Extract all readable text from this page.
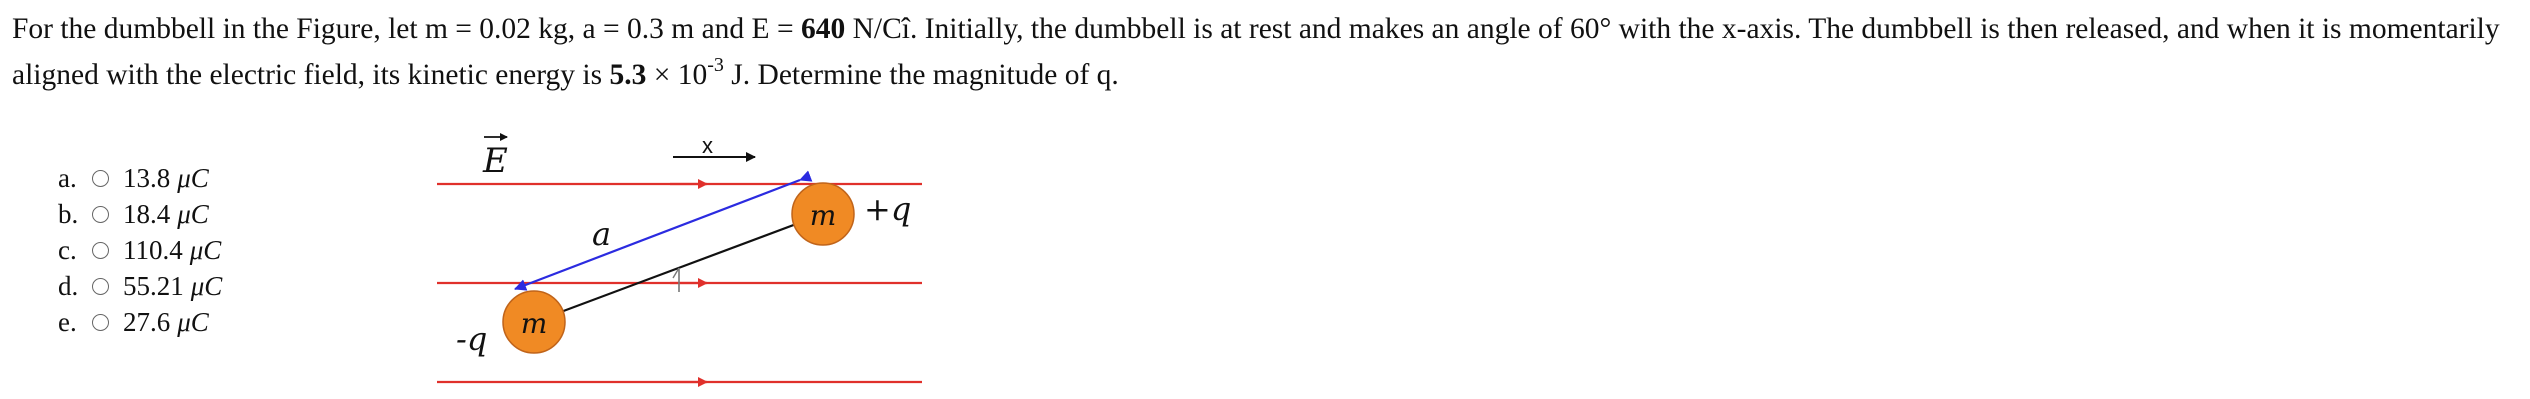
For the dumbbell in the Figure, let m = 0.02 kg, a = 0.3 m and E = 640 N/Cî. Initially, the dumbbell is at rest and makes an angle of 60° with the x-axis. The dumbbell is then released, and when it is momentarily aligned with the electric field, its kinetic energy is $5.3 \times 10^{-3}$ J. Determine the magnitude of q.
a.	13.8 μC
b.	18.4 μC
c.	110.4 μC
d.	55.21 μC
e.	27.6 μC
E	x
a	m +q
m
-q
